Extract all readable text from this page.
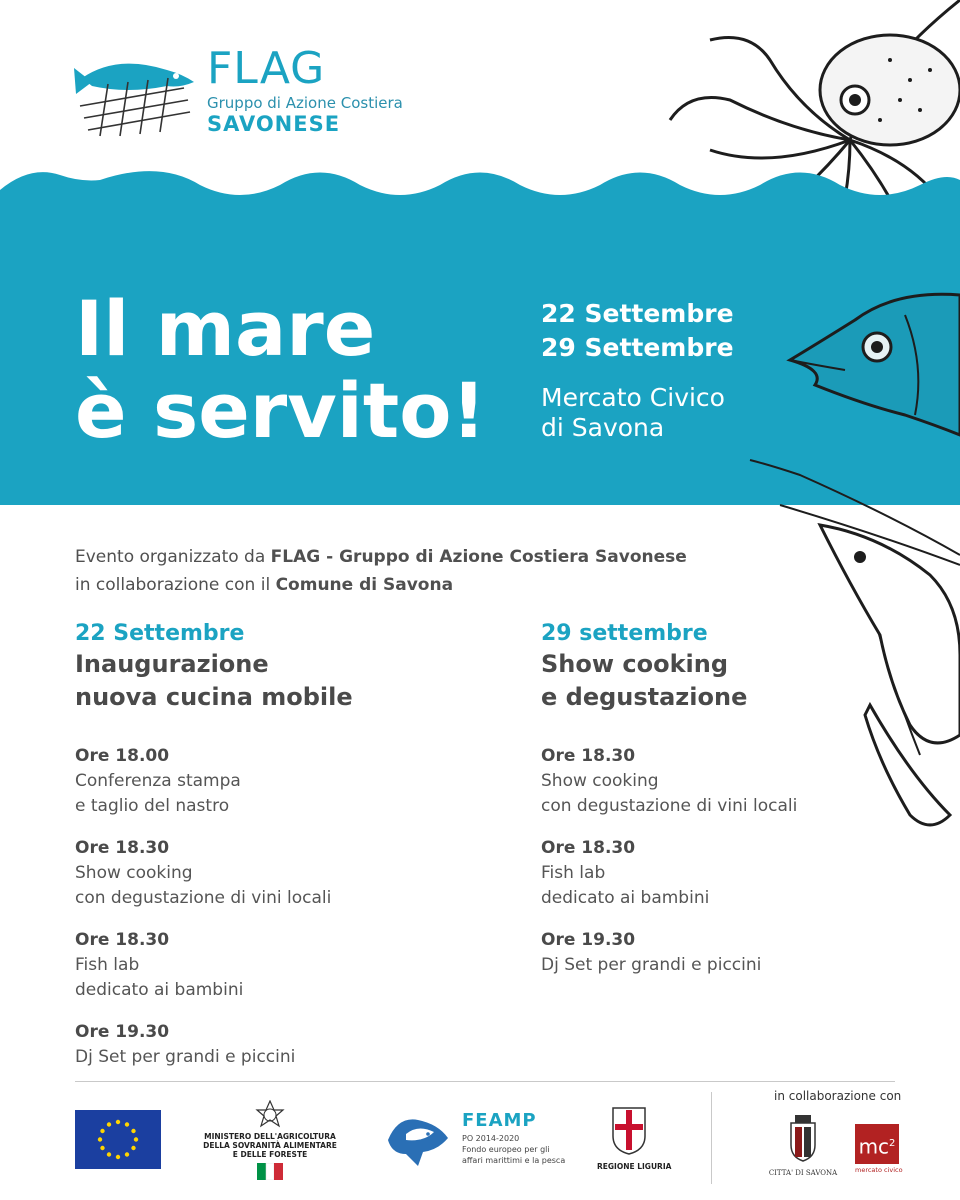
FLAG
Gruppo di Azione Costiera
SAVONESE
Il mare
è servito!
22 Settembre
29 Settembre
Mercato Civico
di Savona
Evento organizzato da FLAG - Gruppo di Azione Costiera Savonese
in collaborazione con il Comune di Savona
22 Settembre
Inaugurazione
nuova cucina mobile
Ore 18.00
Conferenza stampa
e taglio del nastro
Ore 18.30
Show cooking
con degustazione di vini locali
Ore 18.30
Fish lab
dedicato ai bambini
Ore 19.30
Dj Set per grandi e piccini
29 settembre
Show cooking
e degustazione
Ore 18.30
Show cooking
con degustazione di vini locali
Ore 18.30
Fish lab
dedicato ai bambini
Ore 19.30
Dj Set per grandi e piccini
in collaborazione con
MINISTERO DELL'AGRICOLTURA
DELLA SOVRANITÀ ALIMENTARE
E DELLE FORESTE
FEAMP
PO 2014-2020
Fondo europeo per gli
affari marittimi e la pesca
REGIONE LIGURIA
CITTA' DI SAVONA
$mc^2$
mercato civico
